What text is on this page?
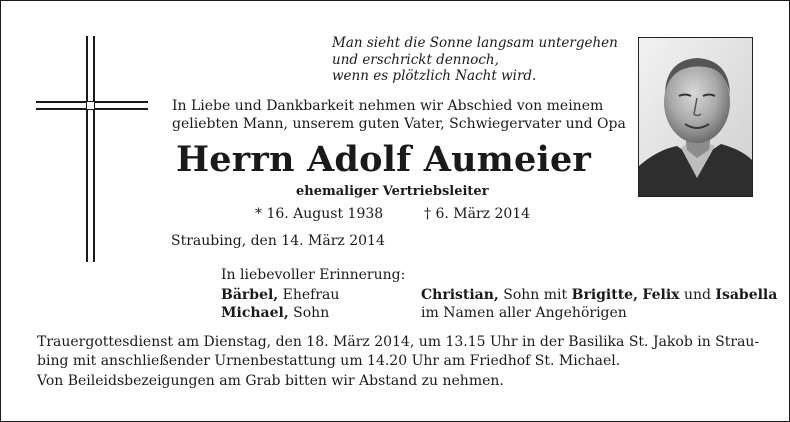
Man sieht die Sonne langsam untergehen
und erschrickt dennoch,
wenn es plötzlich Nacht wird.
In Liebe und Dankbarkeit nehmen wir Abschied von meinem
geliebten Mann, unserem guten Vater, Schwiegervater und Opa
Herrn Adolf Aumeier
ehemaliger Vertriebsleiter
* 16. August 1938	† 6. März 2014
Straubing, den 14. März 2014
In liebevoller Erinnerung:
Bärbel, Ehefrau
Michael, Sohn
Christian, Sohn mit Brigitte, Felix und Isabella
im Namen aller Angehörigen
Trauergottesdienst am Dienstag, den 18. März 2014, um 13.15 Uhr in der Basilika St. Jakob in Strau-
bing mit anschließender Urnenbestattung um 14.20 Uhr am Friedhof St. Michael.
Von Beileidsbezeigungen am Grab bitten wir Abstand zu nehmen.
